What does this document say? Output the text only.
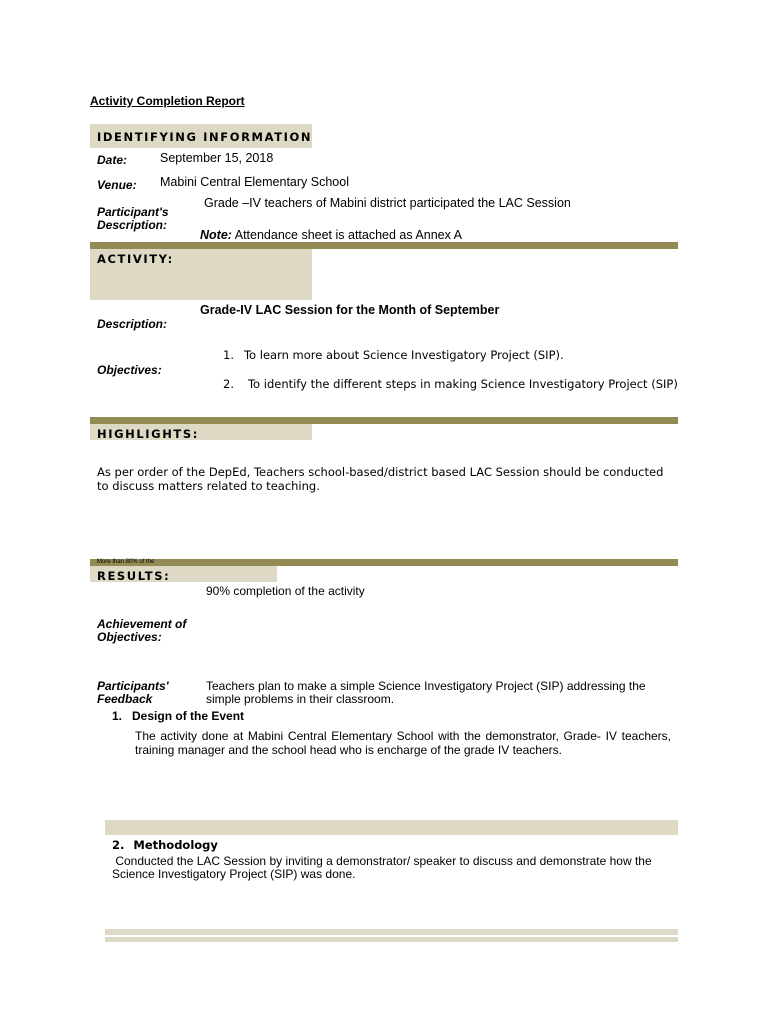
Activity Completion Report
IDENTIFYING INFORMATION
Date:	September 15, 2018
Venue: Mabini Central Elementary School
Grade –IV teachers of Mabini district participated the LAC Session
Participant's
Description:
Note: Attendance sheet is attached as Annex A
ACTIVITY:
Grade-IV LAC Session for the Month of September
Description:
1. To learn more about Science Investigatory Project (SIP).
Objectives:
2. To identify the different steps in making Science Investigatory Project (SIP)
HIGHLIGHTS:
As per order of the DepEd, Teachers school-based/district based LAC Session should be conducted to discuss matters related to teaching.
More than 80% of the
RESULTS:
90% completion of the activity
Achievement of
Objectives:
Participants'
Feedback
Teachers plan to make a simple Science Investigatory Project (SIP) addressing the simple problems in their classroom.
1. Design of the Event
The activity done at Mabini Central Elementary School with the demonstrator, Grade- IV teachers, training manager and the school head who is encharge of the grade IV teachers.
2. Methodology
Conducted the LAC Session by inviting a demonstrator/ speaker to discuss and demonstrate how the Science Investigatory Project (SIP) was done.
